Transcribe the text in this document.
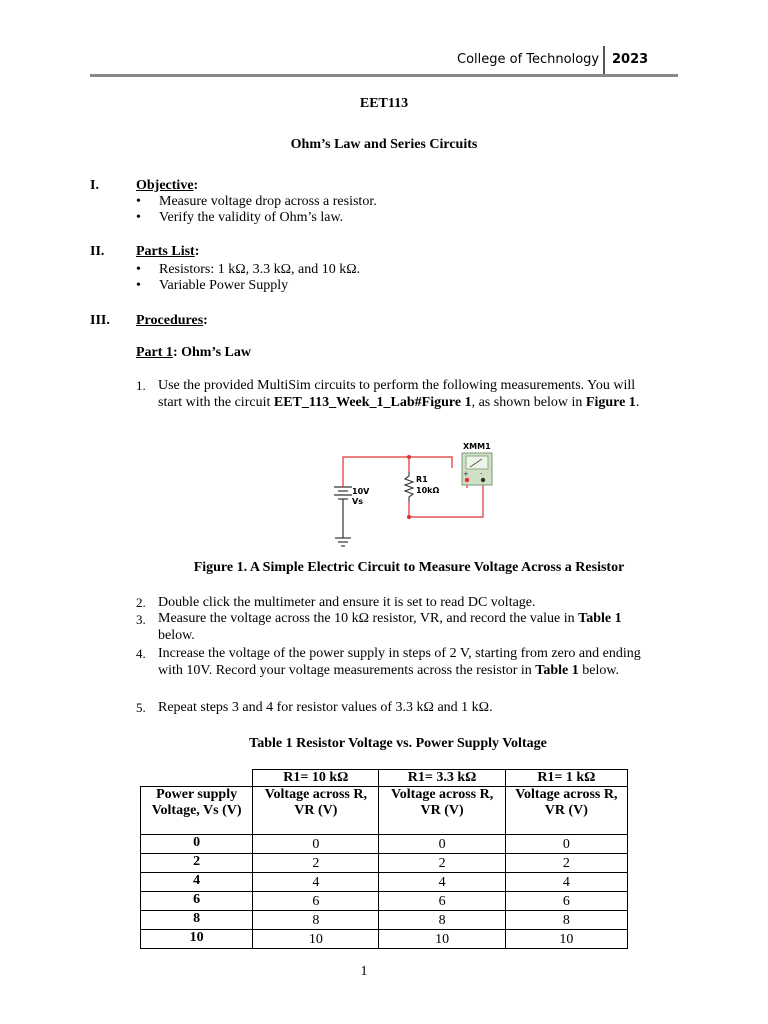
College of Technology 2023
EET113
Ohm’s Law and Series Circuits
I.	Objective:
• Measure voltage drop across a resistor.
• Verify the validity of Ohm’s law.
II. Parts List:
• Resistors: 1 kΩ, 3.3 kΩ, and 10 kΩ.
• Variable Power Supply
III. Procedures:
Part 1: Ohm’s Law
1. Use the provided MultiSim circuits to perform the following measurements. You will start with the circuit EET_113_Week_1_Lab#Figure 1, as shown below in Figure 1.
XMM1
+ -
R1
10kΩ
10V
Vs
Figure 1. A Simple Electric Circuit to Measure Voltage Across a Resistor
2. Double click the multimeter and ensure it is set to read DC voltage.
3. Measure the voltage across the 10 kΩ resistor, VR, and record the value in Table 1 below.
4. Increase the voltage of the power supply in steps of 2 V, starting from zero and ending with 10V. Record your voltage measurements across the resistor in Table 1 below.
5. Repeat steps 3 and 4 for resistor values of 3.3 kΩ and 1 kΩ.
Table 1 Resistor Voltage vs. Power Supply Voltage
	R1= 10 kΩ	R1= 3.3 kΩ	R1= 1 kΩ
Power supply Voltage, Vs (V)	Voltage across R, VR (V)	Voltage across R, VR (V)	Voltage across R, VR (V)
0	0	0	0
2	2	2	2
4	4	4	4
6	6	6	6
8	8	8	8
10	10	10	10
1
